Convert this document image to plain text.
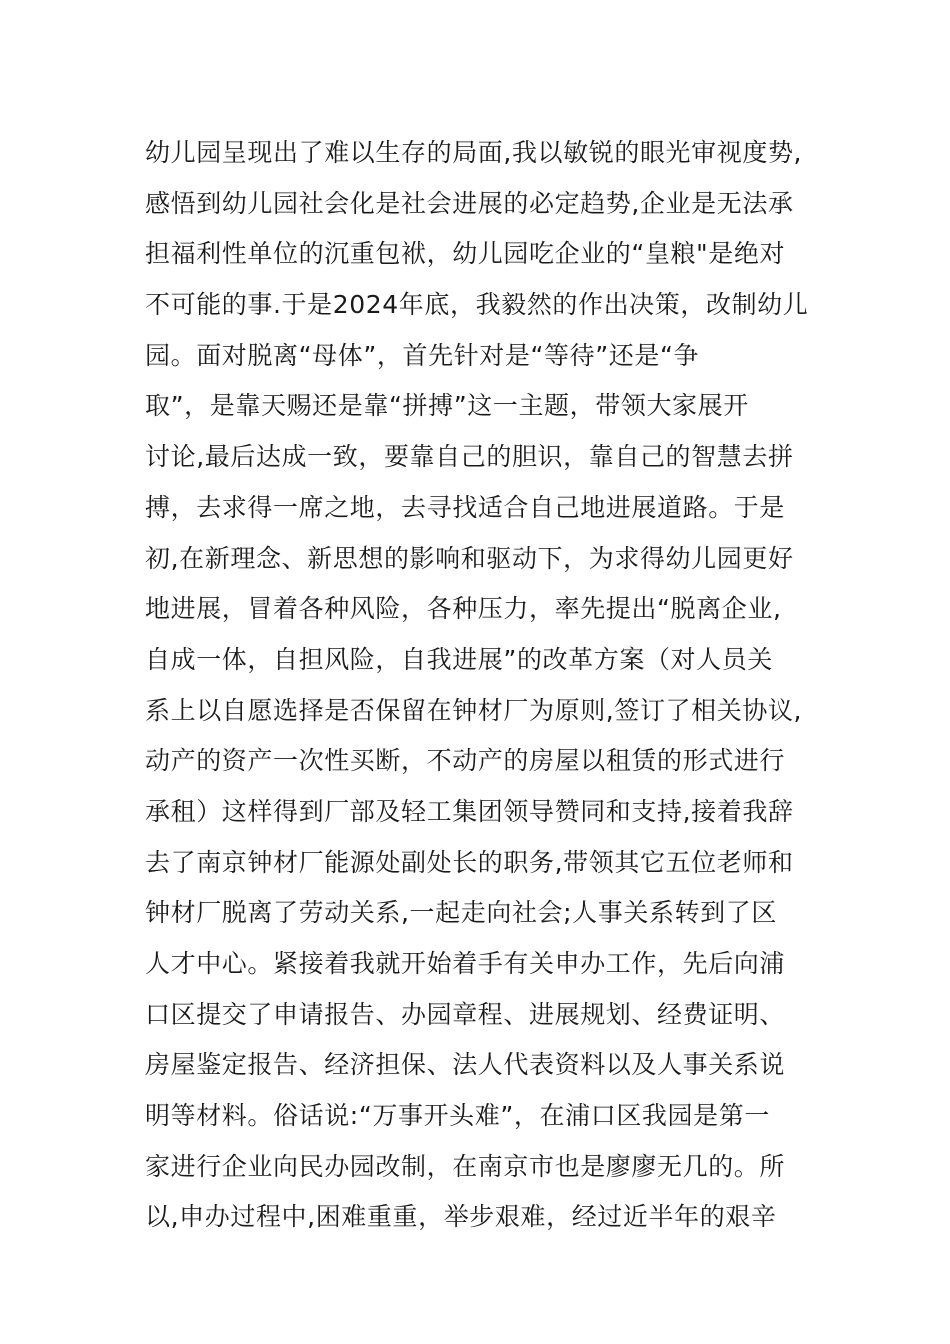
幼儿园呈现出了难以生存的局面,我以敏锐的眼光审视度势,
感悟到幼儿园社会化是社会进展的必定趋势,企业是无法承
担福利性单位的沉重包袱，幼儿园吃企业的“皇粮"是绝对
不可能的事.于是2024年底，我毅然的作出决策，改制幼儿
园。面对脱离“母体”，首先针对是“等待”还是“争
取”，是靠天赐还是靠“拼搏”这一主题，带领大家展开
讨论,最后达成一致，要靠自己的胆识，靠自己的智慧去拼
搏，去求得一席之地，去寻找适合自己地进展道路。于是
初,在新理念、新思想的影响和驱动下，为求得幼儿园更好
地进展，冒着各种风险，各种压力，率先提出“脱离企业,
自成一体，自担风险，自我进展”的改革方案（对人员关
系上以自愿选择是否保留在钟材厂为原则,签订了相关协议,
动产的资产一次性买断，不动产的房屋以租赁的形式进行
承租）这样得到厂部及轻工集团领导赞同和支持,接着我辞
去了南京钟材厂能源处副处长的职务,带领其它五位老师和
钟材厂脱离了劳动关系,一起走向社会;人事关系转到了区
人才中心。紧接着我就开始着手有关申办工作，先后向浦
口区提交了申请报告、办园章程、进展规划、经费证明、
房屋鉴定报告、经济担保、法人代表资料以及人事关系说
明等材料。俗话说:“万事开头难”，在浦口区我园是第一
家进行企业向民办园改制，在南京市也是廖廖无几的。所
以,申办过程中,困难重重，举步艰难，经过近半年的艰辛
